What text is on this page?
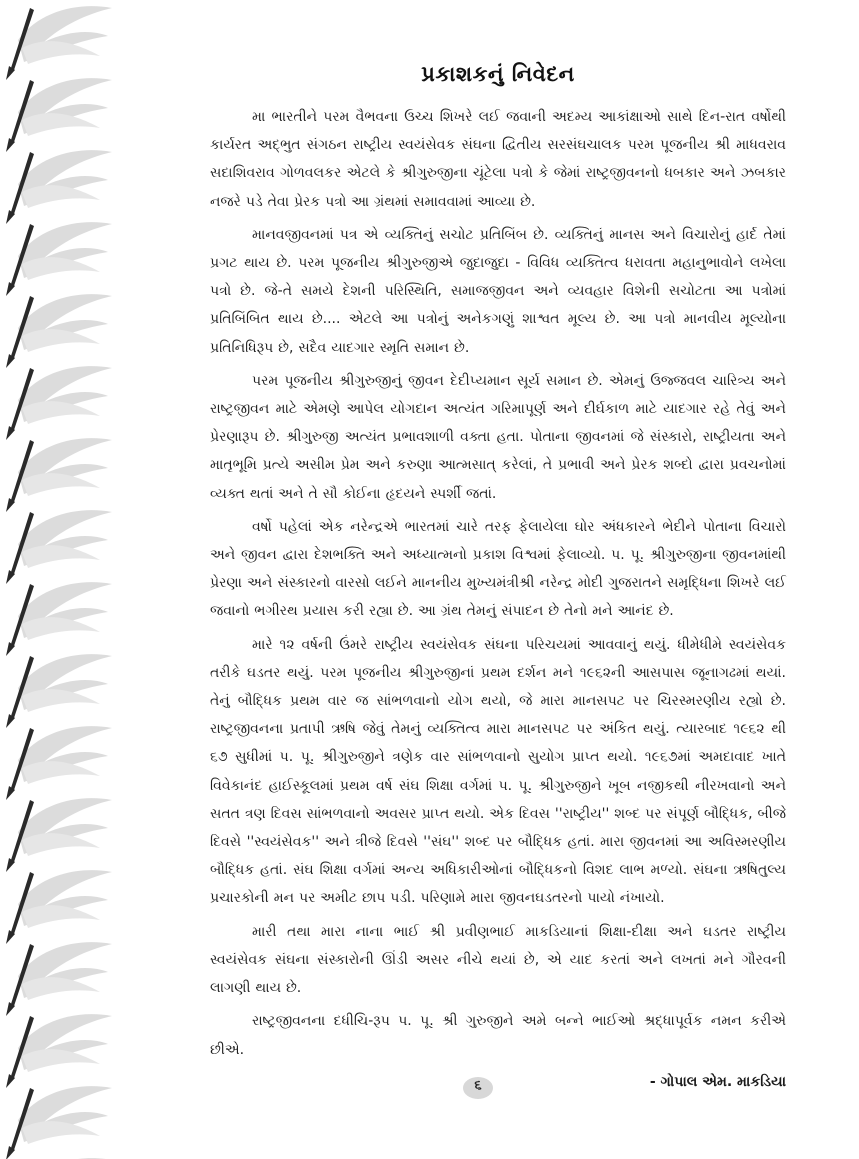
પ્રકાશકનું નિવેદન

મા ભારતીને પરમ વૈભવના ઉચ્ચ શિખરે લઈ જવાની અદમ્ય આકાંક્ષાઓ સાથે દિન-રાત વર્ષોથી કાર્યરત અદ્ભુત સંગઠન રાષ્ટ્રીય સ્વયંસેવક સંઘના દ્વિતીય સરસંઘચાલક પરમ પૂજનીય શ્રી માધવરાવ સદાશિવરાવ ગોળવલકર એટલે કે શ્રીગુરુજીના ચૂંટેલા પત્રો કે જેમાં રાષ્ટ્રજીવનનો ધબકાર અને ઝબકાર નજરે પડે તેવા પ્રેરક પત્રો આ ગ્રંથમાં સમાવવામાં આવ્યા છે.

માનવજીવનમાં પત્ર એ વ્યક્તિનું સચોટ પ્રતિબિંબ છે. વ્યક્તિનું માનસ અને વિચારોનું હાર્દ તેમાં પ્રગટ થાય છે. પરમ પૂજનીય શ્રીગુરુજીએ જુદાજુદા - વિવિધ વ્યક્તિત્વ ધરાવતા મહાનુભાવોને લખેલા પત્રો છે. જે-તે સમયે દેશની પરિસ્થિતિ, સમાજજીવન અને વ્યવહાર વિશેની સચોટતા આ પત્રોમાં પ્રતિબિંબિત થાય છે.... એટલે આ પત્રોનું અનેકગણું શાશ્વત મૂલ્ય છે. આ પત્રો માનવીય મૂલ્યોના પ્રતિનિધિરૂપ છે, સદૈવ યાદગાર સ્મૃતિ સમાન છે.

પરમ પૂજનીય શ્રીગુરુજીનું જીવન દેદીપ્યમાન સૂર્ય સમાન છે. એમનું ઉજ્જવલ ચારિત્ર્ય અને રાષ્ટ્રજીવન માટે એમણે આપેલ યોગદાન અત્યંત ગરિમાપૂર્ણ અને દીર્ઘકાળ માટે યાદગાર રહે તેવું અને પ્રેરણારૂપ છે. શ્રીગુરુજી અત્યંત પ્રભાવશાળી વક્તા હતા. પોતાના જીવનમાં જે સંસ્કારો, રાષ્ટ્રીયતા અને માતૃભૂમિ પ્રત્યે અસીમ પ્રેમ અને કરુણા આત્મસાત્ કરેલાં, તે પ્રભાવી અને પ્રેરક શબ્દો દ્વારા પ્રવચનોમાં વ્યક્ત થતાં અને તે સૌ કોઈના હૃદયને સ્પર્શી જતાં.

વર્ષો પહેલાં એક નરેન્દ્રએ ભારતમાં ચારે તરફ ફેલાયેલા ઘોર અંધકારને ભેદીને પોતાના વિચારો અને જીવન દ્વારા દેશભક્તિ અને અધ્યાત્મનો પ્રકાશ વિશ્વમાં ફેલાવ્યો. પ. પૂ. શ્રીગુરુજીના જીવનમાંથી પ્રેરણા અને સંસ્કારનો વારસો લઈને માનનીય મુખ્યમંત્રીશ્રી નરેન્દ્ર મોદી ગુજરાતને સમૃદ્ધિના શિખરે લઈ જવાનો ભગીરથ પ્રયાસ કરી રહ્યા છે. આ ગ્રંથ તેમનું સંપાદન છે તેનો મને આનંદ છે.

મારે ૧૨ વર્ષની ઉંમરે રાષ્ટ્રીય સ્વયંસેવક સંઘના પરિચયમાં આવવાનું થયું. ધીમેધીમે સ્વયંસેવક તરીકે ઘડતર થયું. પરમ પૂજનીય શ્રીગુરુજીનાં પ્રથમ દર્શન મને ૧૯૬૨ની આસપાસ જૂનાગઢમાં થયાં. તેનું બૌદ્ધિક પ્રથમ વાર જ સાંભળવાનો યોગ થયો, જે મારા માનસપટ પર ચિરસ્મરણીય રહ્યો છે. રાષ્ટ્રજીવનના પ્રતાપી ઋષિ જેવું તેમનું વ્યક્તિત્વ મારા માનસપટ પર અંકિત થયું. ત્યારબાદ ૧૯૬૨ થી ૬૭ સુધીમાં પ. પૂ. શ્રીગુરુજીને ત્રણેક વાર સાંભળવાનો સુયોગ પ્રાપ્ત થયો. ૧૯૬૭માં અમદાવાદ ખાતે વિવેકાનંદ હાઈસ્કૂલમાં પ્રથમ વર્ષ સંઘ શિક્ષા વર્ગમાં પ. પૂ. શ્રીગુરુજીને ખૂબ નજીકથી નીરખવાનો અને સતત ત્રણ દિવસ સાંભળવાનો અવસર પ્રાપ્ત થયો. એક દિવસ ''રાષ્ટ્રીય'' શબ્દ પર સંપૂર્ણ બૌદ્ધિક, બીજે દિવસે ''સ્વયંસેવક'' અને ત્રીજે દિવસે ''સંઘ'' શબ્દ પર બૌદ્ધિક હતાં. મારા જીવનમાં આ અવિસ્મરણીય બૌદ્ધિક હતાં. સંઘ શિક્ષા વર્ગમાં અન્ય અધિકારીઓનાં બૌદ્ધિકનો વિશદ લાભ મળ્યો. સંઘના ઋષિતુલ્ય પ્રચારકોની મન પર અમીટ છાપ પડી. પરિણામે મારા જીવનઘડતરનો પાયો નંખાયો.

મારી તથા મારા નાના ભાઈ શ્રી પ્રવીણભાઈ માકડિયાનાં શિક્ષા-દીક્ષા અને ઘડતર રાષ્ટ્રીય સ્વયંસેવક સંઘના સંસ્કારોની ઊંડી અસર નીચે થયાં છે, એ યાદ કરતાં અને લખતાં મને ગૌરવની લાગણી થાય છે.

રાષ્ટ્રજીવનના દધીચિ-રૂપ પ. પૂ. શ્રી ગુરુજીને અમે બન્ને ભાઈઓ શ્રદ્ધાપૂર્વક નમન કરીએ છીએ.

- ગોપાલ એમ. માકડિયા
૬
